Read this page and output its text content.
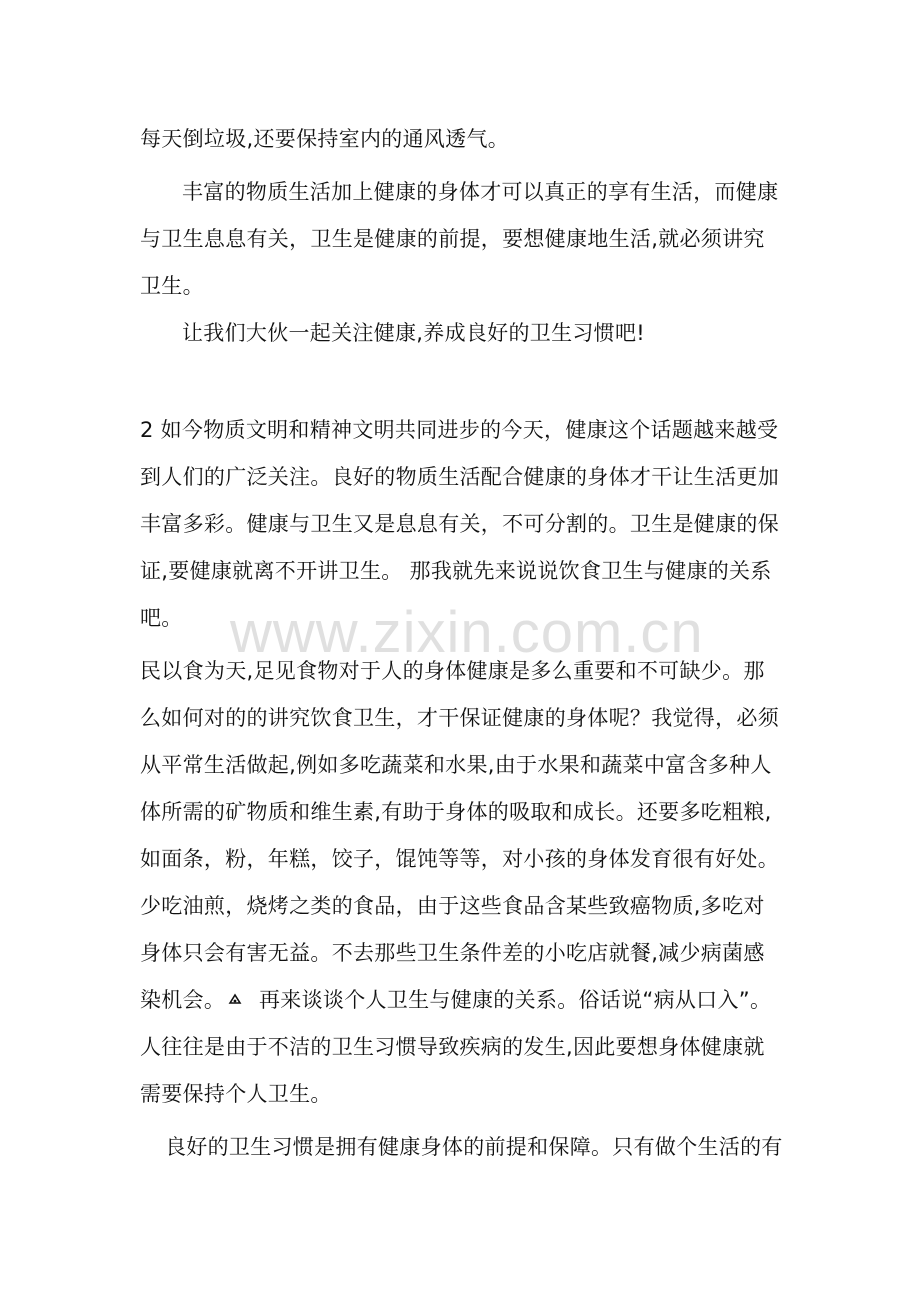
www.zixin.com.cn
每天倒垃圾,还要保持室内的通风透气。
丰富的物质生活加上健康的身体才可以真正的享有生活，而健康
与卫生息息有关，卫生是健康的前提，要想健康地生活,就必须讲究
卫生。
让我们大伙一起关注健康,养成良好的卫生习惯吧!
2 如今物质文明和精神文明共同进步的今天，健康这个话题越来越受
到人们的广泛关注。良好的物质生活配合健康的身体才干让生活更加
丰富多彩。健康与卫生又是息息有关，不可分割的。卫生是健康的保
证,要健康就离不开讲卫生。 那我就先来说说饮食卫生与健康的关系
吧。
民以食为天,足见食物对于人的身体健康是多么重要和不可缺少。那
么如何对的的讲究饮食卫生，才干保证健康的身体呢？我觉得，必须
从平常生活做起,例如多吃蔬菜和水果,由于水果和蔬菜中富含多种人
体所需的矿物质和维生素,有助于身体的吸取和成长。还要多吃粗粮,
如面条，粉，年糕，饺子，馄饨等等，对小孩的身体发育很有好处。
少吃油煎，烧烤之类的食品，由于这些食品含某些致癌物质,多吃对
身体只会有害无益。不去那些卫生条件差的小吃店就餐,减少病菌感
染机会。	再来谈谈个人卫生与健康的关系。俗话说“病从口入”。
人往往是由于不洁的卫生习惯导致疾病的发生,因此要想身体健康就
需要保持个人卫生。
良好的卫生习惯是拥有健康身体的前提和保障。只有做个生活的有
